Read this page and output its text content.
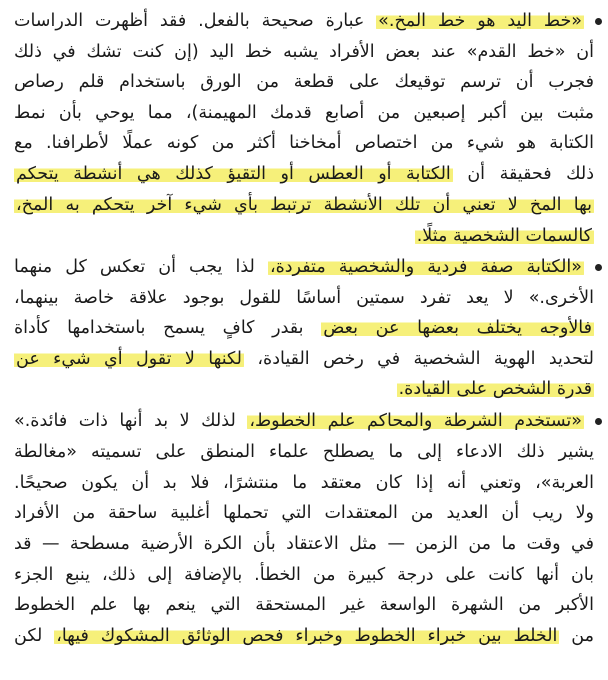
«خط اليد هو خط المخ.» عبارة صحيحة بالفعل. فقد أظهرت الدراسات
أن «خط القدم» عند بعض الأفراد يشبه خط اليد (إن كنت تشك في ذلك
فجرب أن ترسم توقيعك على قطعة من الورق باستخدام قلم رصاص
مثبت بين أكبر إصبعين من أصابع قدمك المهيمنة)، مما يوحي بأن نمط
الكتابة هو شيء من اختصاص أمخاخنا أكثر من كونه عملًا لأطرافنا. مع
ذلك فحقيقة أن الكتابة أو العطس أو التقيؤ كذلك هي أنشطة يتحكم
بها المخ لا تعني أن تلك الأنشطة ترتبط بأي شيء آخر يتحكم به المخ،
كالسمات الشخصية مثلًا.
«الكتابة صفة فردية والشخصية متفردة، لذا يجب أن تعكس كل منهما
الأخرى.» لا يعد تفرد سمتين أساسًا للقول بوجود علاقة خاصة بينهما،
فالأوجه يختلف بعضها عن بعض بقدر كافٍ يسمح باستخدامها كأداة
لتحديد الهوية الشخصية في رخص القيادة، لكنها لا تقول أي شيء عن
قدرة الشخص على القيادة.
«تستخدم الشرطة والمحاكم علم الخطوط، لذلك لا بد أنها ذات فائدة.»
يشير ذلك الادعاء إلى ما يصطلح علماء المنطق على تسميته «مغالطة
العربة»، وتعني أنه إذا كان معتقد ما منتشرًا، فلا بد أن يكون صحيحًا.
ولا ريب أن العديد من المعتقدات التي تحملها أغلبية ساحقة من الأفراد
في وقت ما من الزمن — مثل الاعتقاد بأن الكرة الأرضية مسطحة — قد
بان أنها كانت على درجة كبيرة من الخطأ. بالإضافة إلى ذلك، ينبع الجزء
الأكبر من الشهرة الواسعة غير المستحقة التي ينعم بها علم الخطوط
من الخلط بين خبراء الخطوط وخبراء فحص الوثائق المشكوك فيها، لكن
